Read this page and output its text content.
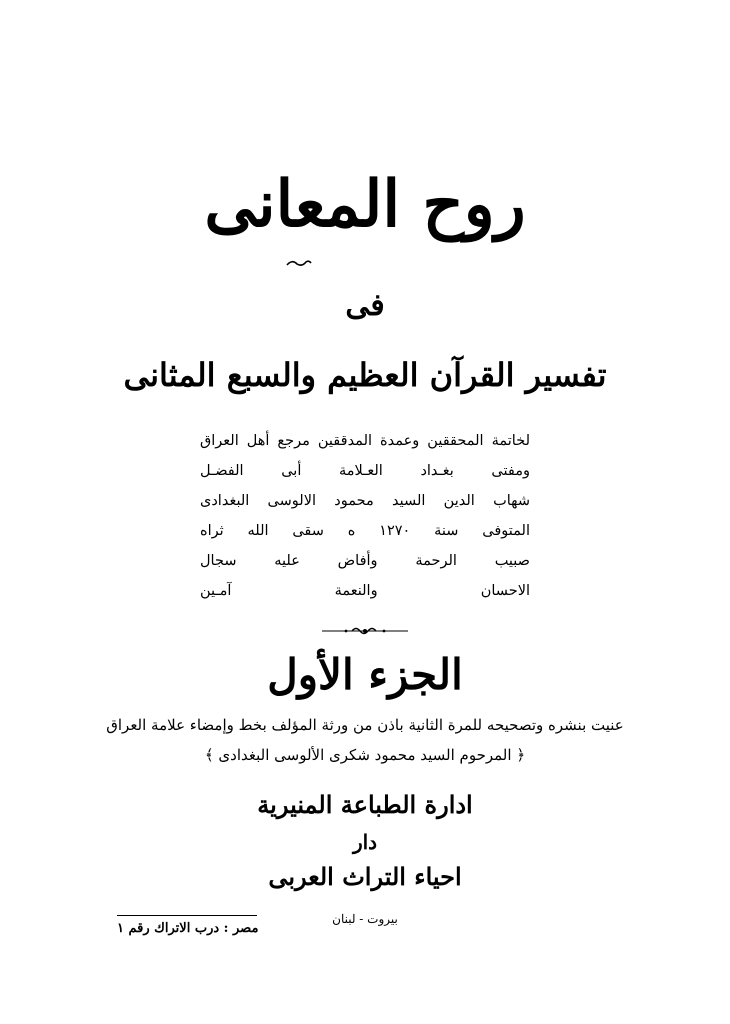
روح المعانى
فى
تفسير القرآن العظيم والسبع المثانى
لخاتمة المحققين وعمدة المدققين مرجع أهل العراق
ومفتى بغـداد العـلامة أبى الفضـل
شهاب الدين السيد محمود الالوسى البغدادى
المتوفى سنة ١٢٧٠ ه سقى الله ثراه
صبيب الرحمة وأفاض عليه سجال
الاحسان والنعمة آمـين
الجزء الأول
عنيت بنشره وتصحيحه للمرة الثانية باذن من ورثة المؤلف بخط وإمضاء علامة العراق
﴿ المرحوم السيد محمود شكرى الألوسى البغدادى ﴾
ادارة الطباعة المنيرية
دار
احياء التراث العربى
بيروت - لبنان
مصر : درب الاتراك رقم ١
